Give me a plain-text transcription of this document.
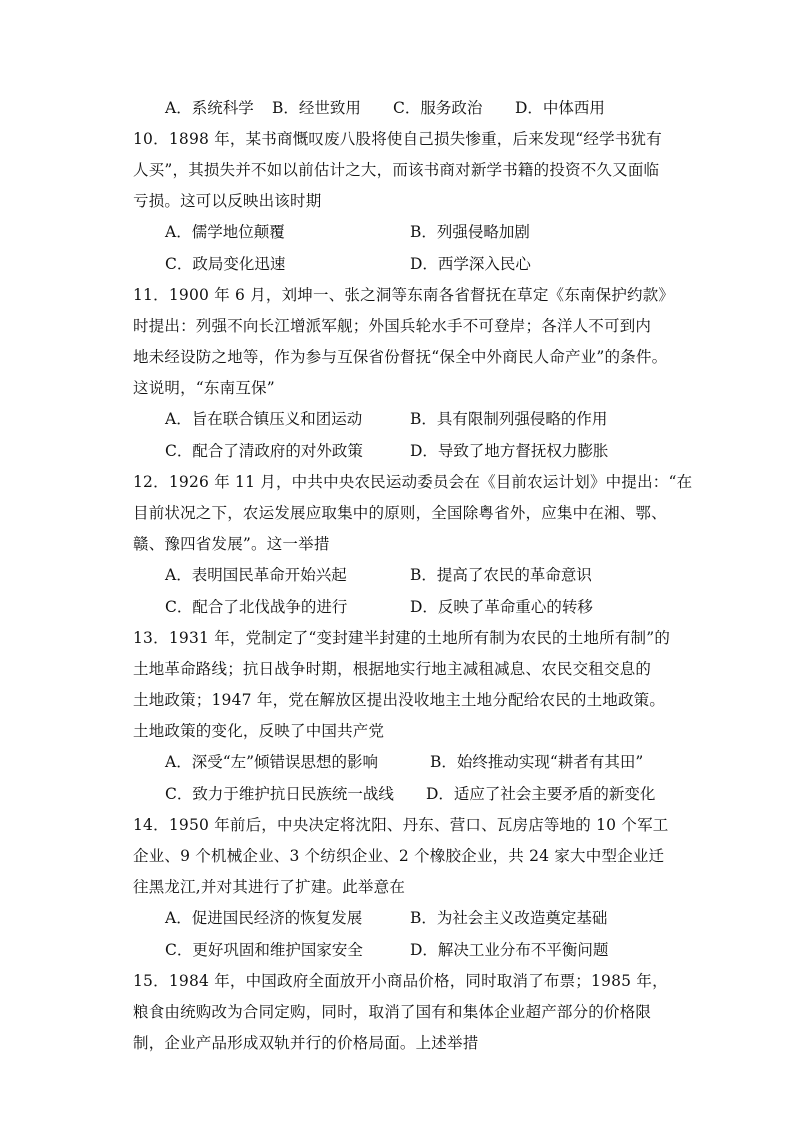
A．系统科学 B．经世致用 C．服务政治 D．中体西用
10．1898 年，某书商慨叹废八股将使自己损失惨重，后来发现“经学书犹有
人买”，其损失并不如以前估计之大，而该书商对新学书籍的投资不久又面临
亏损。这可以反映出该时期
A．儒学地位颠覆	B．列强侵略加剧
C．政局变化迅速	D．西学深入民心
11．1900 年 6 月，刘坤一、张之洞等东南各省督抚在草定《东南保护约款》
时提出：列强不向长江增派军舰；外国兵轮水手不可登岸；各洋人不可到内
地未经设防之地等，作为参与互保省份督抚“保全中外商民人命产业”的条件。
这说明，“东南互保”
A．旨在联合镇压义和团运动	B．具有限制列强侵略的作用
C．配合了清政府的对外政策	D．导致了地方督抚权力膨胀
12．1926 年 11 月，中共中央农民运动委员会在《目前农运计划》中提出：“在
目前状况之下，农运发展应取集中的原则，全国除粤省外，应集中在湘、鄂、
赣、豫四省发展”。这一举措
A．表明国民革命开始兴起	B．提高了农民的革命意识
C．配合了北伐战争的进行	D．反映了革命重心的转移
13．1931 年，党制定了“变封建半封建的土地所有制为农民的土地所有制”的
土地革命路线；抗日战争时期，根据地实行地主减租减息、农民交租交息的
土地政策；1947 年，党在解放区提出没收地主土地分配给农民的土地政策。
土地政策的变化，反映了中国共产党
A．深受“左”倾错误思想的影响	B．始终推动实现“耕者有其田”
C．致力于维护抗日民族统一战线 D．适应了社会主要矛盾的新变化
14．1950 年前后，中央决定将沈阳、丹东、营口、瓦房店等地的 10 个军工
企业、9 个机械企业、3 个纺织企业、2 个橡胶企业，共 24 家大中型企业迁
往黑龙江,并对其进行了扩建。此举意在
A．促进国民经济的恢复发展	B．为社会主义改造奠定基础
C．更好巩固和维护国家安全	D．解决工业分布不平衡问题
15．1984 年，中国政府全面放开小商品价格，同时取消了布票；1985 年，
粮食由统购改为合同定购，同时，取消了国有和集体企业超产部分的价格限
制，企业产品形成双轨并行的价格局面。上述举措
